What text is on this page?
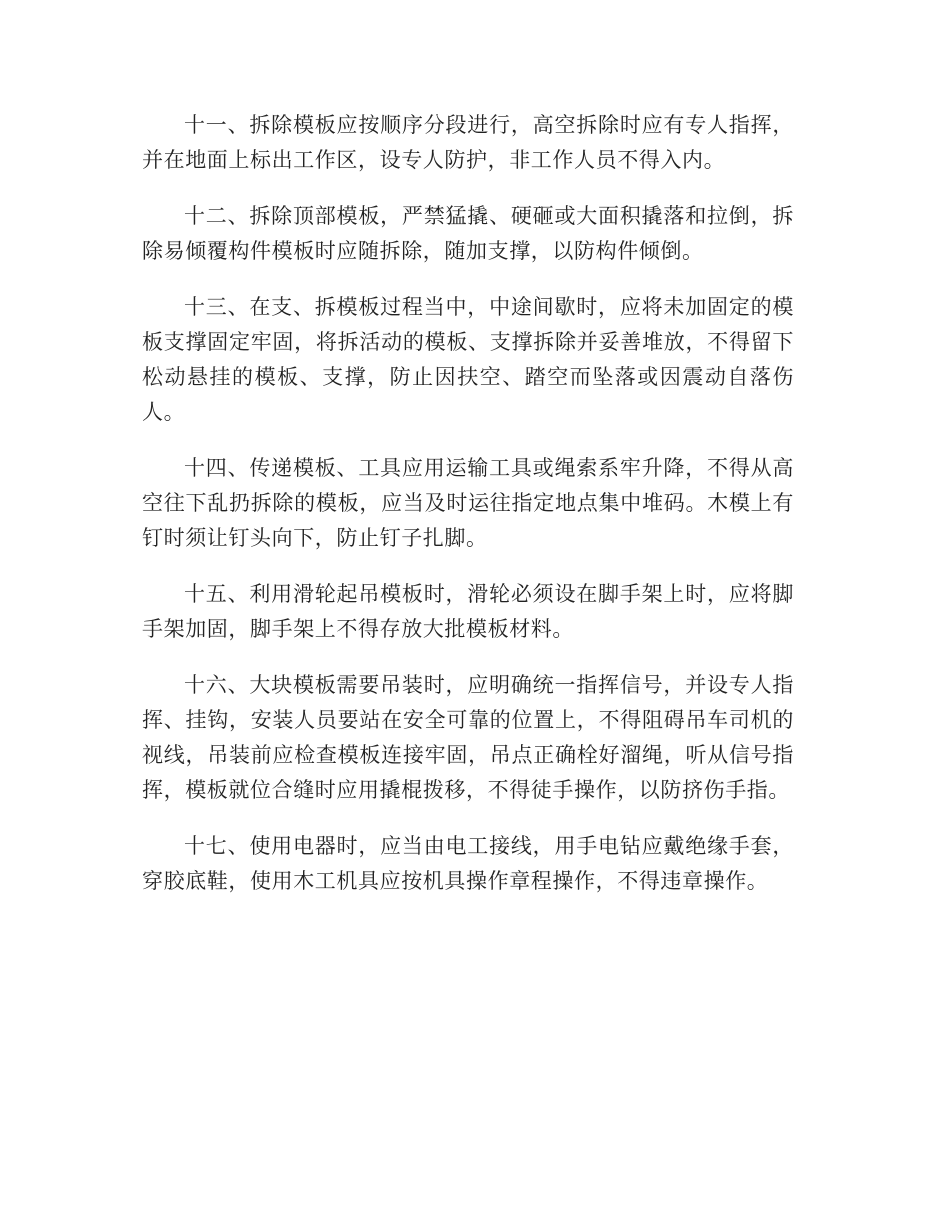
十一、拆除模板应按顺序分段进行，高空拆除时应有专人指挥，并在地面上标出工作区，设专人防护，非工作人员不得入内。

十二、拆除顶部模板，严禁猛撬、硬砸或大面积撬落和拉倒，拆除易倾覆构件模板时应随拆除，随加支撑，以防构件倾倒。

十三、在支、拆模板过程当中，中途间歇时，应将未加固定的模板支撑固定牢固，将拆活动的模板、支撑拆除并妥善堆放，不得留下松动悬挂的模板、支撑，防止因扶空、踏空而坠落或因震动自落伤人。

十四、传递模板、工具应用运输工具或绳索系牢升降，不得从高空往下乱扔拆除的模板，应当及时运往指定地点集中堆码。木模上有钉时须让钉头向下，防止钉子扎脚。

十五、利用滑轮起吊模板时，滑轮必须设在脚手架上时，应将脚手架加固，脚手架上不得存放大批模板材料。

十六、大块模板需要吊装时，应明确统一指挥信号，并设专人指挥、挂钩，安装人员要站在安全可靠的位置上，不得阻碍吊车司机的视线，吊装前应检查模板连接牢固，吊点正确栓好溜绳，听从信号指挥，模板就位合缝时应用撬棍拨移，不得徒手操作，以防挤伤手指。

十七、使用电器时，应当由电工接线，用手电钻应戴绝缘手套，穿胶底鞋，使用木工机具应按机具操作章程操作，不得违章操作。
